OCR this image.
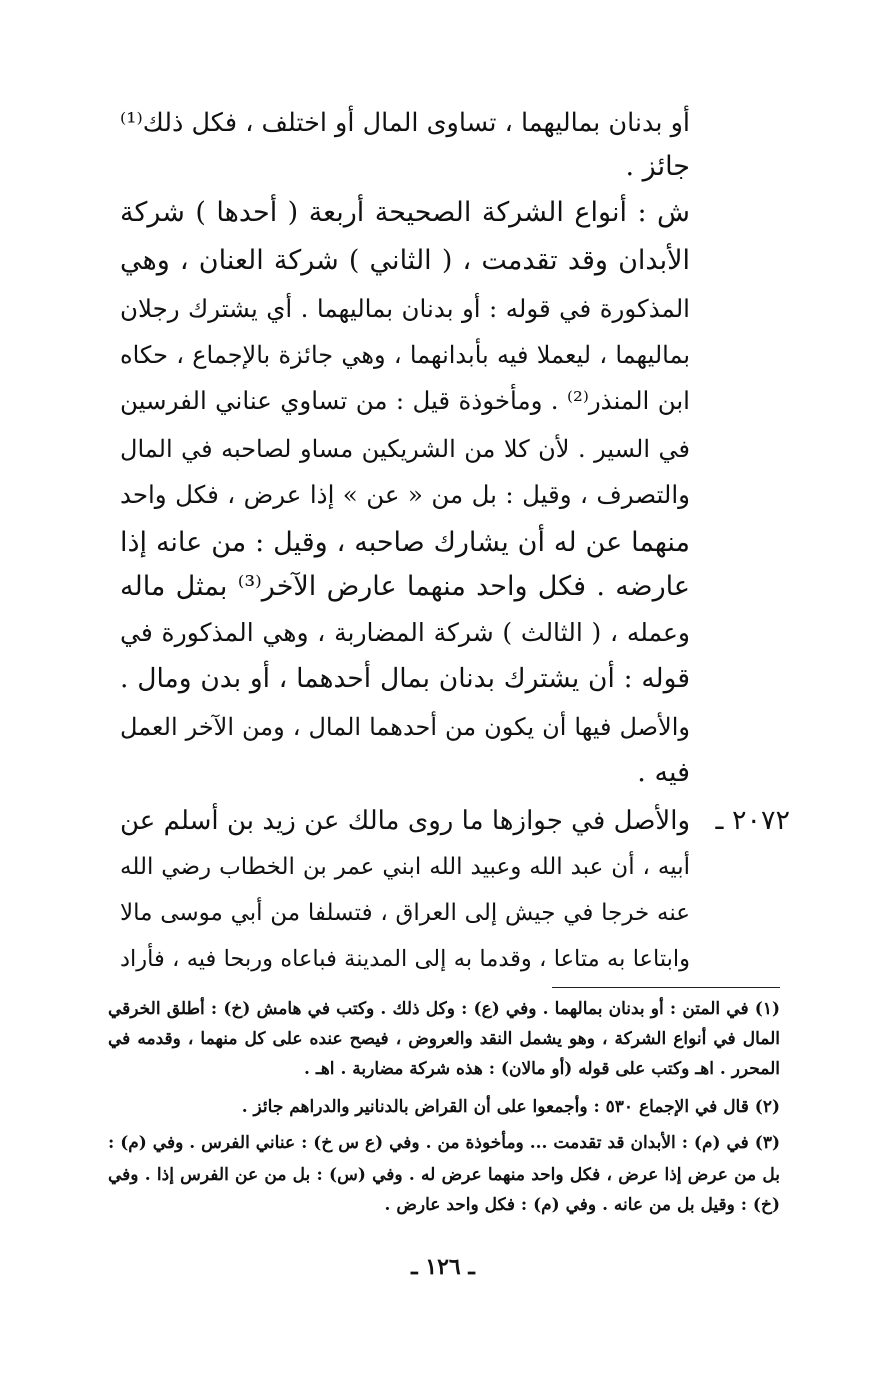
أو بدنان بماليهما ، تساوى المال أو اختلف ، فكل ذلك⁽¹⁾
جائز .
ش : أنواع الشركة الصحيحة أربعة ( أحدها ) شركة
الأبدان وقد تقدمت ، ( الثاني ) شركة العنان ، وهي
المذكورة في قوله : أو بدنان بماليهما . أي يشترك رجلان
بماليهما ، ليعملا فيه بأبدانهما ، وهي جائزة بالإجماع ، حكاه
ابن المنذر⁽²⁾ . ومأخوذة قيل : من تساوي عناني الفرسين
في السير . لأن كلا من الشريكين مساو لصاحبه في المال
والتصرف ، وقيل : بل من « عن » إذا عرض ، فكل واحد
منهما عن له أن يشارك صاحبه ، وقيل : من عانه إذا
عارضه . فكل واحد منهما عارض الآخر⁽³⁾ بمثل ماله
وعمله ، ( الثالث ) شركة المضاربة ، وهي المذكورة في
قوله : أن يشترك بدنان بمال أحدهما ، أو بدن ومال .
والأصل فيها أن يكون من أحدهما المال ، ومن الآخر العمل
فيه .
٢٠٧٢ ـ
والأصل في جوازها ما روى مالك عن زيد بن أسلم عن
أبيه ، أن عبد الله وعبيد الله ابني عمر بن الخطاب رضي الله
عنه خرجا في جيش إلى العراق ، فتسلفا من أبي موسى مالا
وابتاعا به متاعا ، وقدما به إلى المدينة فباعاه وربحا فيه ، فأراد
(١) في المتن : أو بدنان بمالهما . وفي (ع) : وكل ذلك . وكتب في هامش (خ) : أطلق الخرقي
المال في أنواع الشركة ، وهو يشمل النقد والعروض ، فيصح عنده على كل منهما ، وقدمه في
المحرر . اهـ وكتب على قوله (أو مالان) : هذه شركة مضاربة . اهـ .
(٢) قال في الإجماع ٥٣٠ : وأجمعوا على أن القراض بالدنانير والدراهم جائز .
(٣) في (م) : الأبدان قد تقدمت ... ومأخوذة من . وفي (ع س خ) : عناني الفرس . وفي (م) :
بل من عرض إذا عرض ، فكل واحد منهما عرض له . وفي (س) : بل من عن الفرس إذا . وفي
(خ) : وقيل بل من عانه . وفي (م) : فكل واحد عارض .
ـ ١٢٦ ـ
